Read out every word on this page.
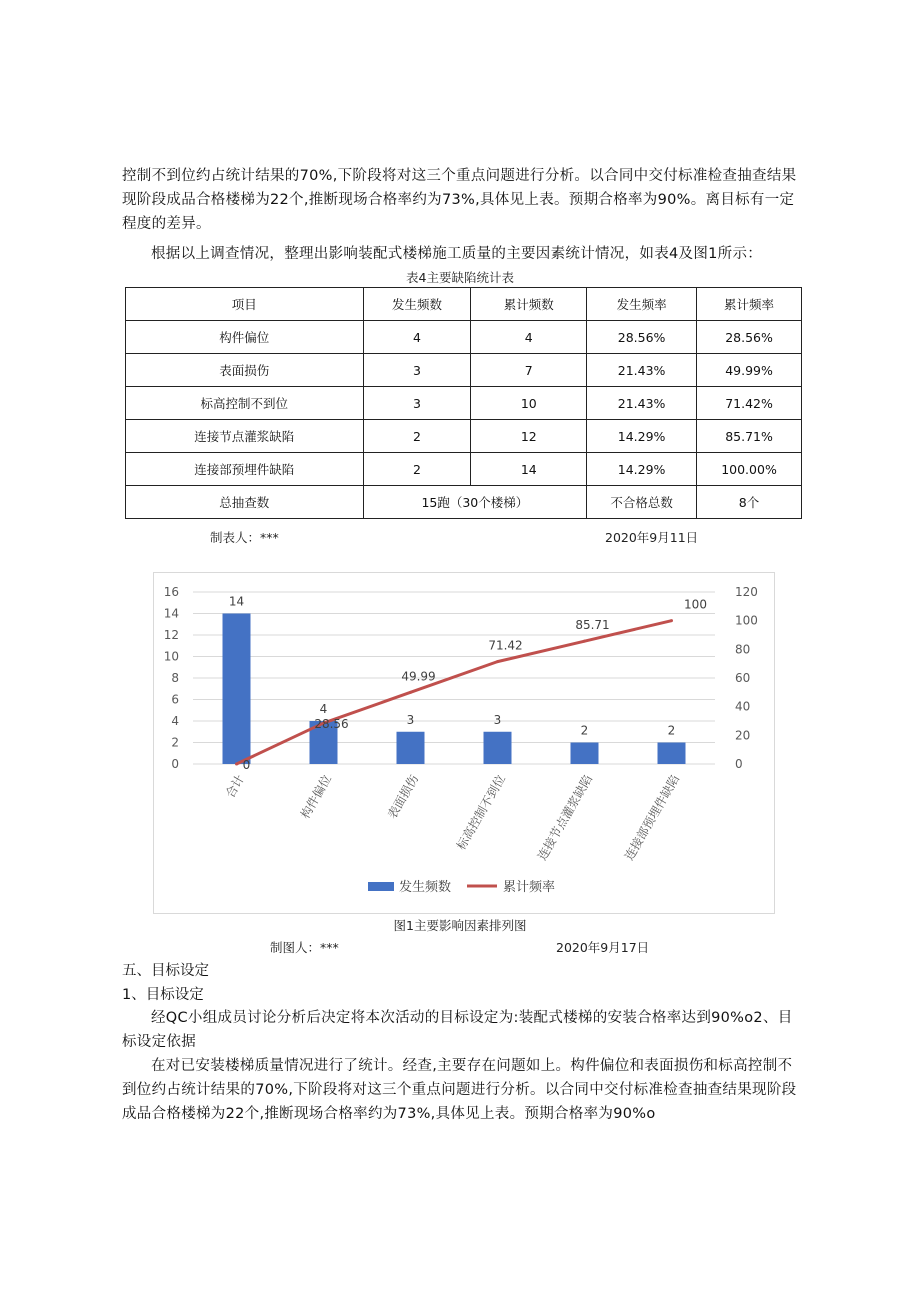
控制不到位约占统计结果的70%,下阶段将对这三个重点问题进行分析。以合同中交付标准检查抽查结果现阶段成品合格楼梯为22个,推断现场合格率约为73%,具体见上表。预期合格率为90%。离目标有一定程度的差异。
根据以上调查情况，整理出影响装配式楼梯施工质量的主要因素统计情况，如表4及图1所示：
表4主要缺陷统计表
项目	发生频数	累计频数	发生频率	累计频率
构件偏位	4	4	28.56%	28.56%
表面损伤	3	7	21.43%	49.99%
标高控制不到位	3	10	21.43%	71.42%
连接节点灌浆缺陷	2	12	14.29%	85.71%
连接部预埋件缺陷	2	14	14.29%	100.00%
总抽查数	15跑（30个楼梯）		不合格总数	8个
制表人：***	2020年9月11日
14
4
3	3
2	2
0
28.56
49.99
71.42
85.71
100
0
2
4
6
8
10
12
14
16
0
20
40
60
80
100
120
合计	构件偏位	表面损伤	标高控制不到位 连接节点灌浆缺陷 连接部预埋件缺陷
发生频数	累计频率
图1主要影响因素排列图
制图人：***	2020年9月17日
五、目标设定
1、目标设定
经QC小组成员讨论分析后决定将本次活动的目标设定为:装配式楼梯的安装合格率达到90%o2、目标设定依据
在对已安装楼梯质量情况进行了统计。经查,主要存在问题如上。构件偏位和表面损伤和标高控制不到位约占统计结果的70%,下阶段将对这三个重点问题进行分析。以合同中交付标准检查抽查结果现阶段成品合格楼梯为22个,推断现场合格率约为73%,具体见上表。预期合格率为90%o
